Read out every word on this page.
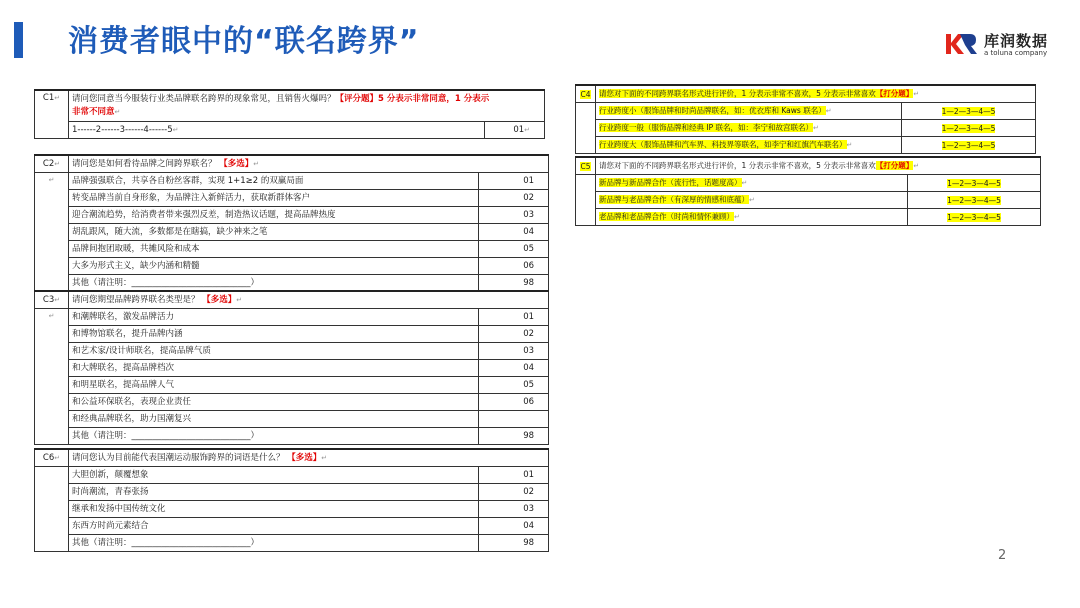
消费者眼中的“联名跨界”	库润数据
a toluna company
C1↵	请问您同意当今服装行业类品牌联名跨界的现象常见，且销售火爆吗？【评分题】5 分表示非常同意，1 分表示
非常不同意↵	
	1------2------3------4------5↵	01↵
C2↵	请问您是如何看待品牌之间跨界联名？ 【多选】↵	
↵	品牌强强联合，共享各自粉丝客群，实现 1+1≥2 的双赢局面	01
	转变品牌当前自身形象，为品牌注入新鲜活力，获取新群体客户	02
	迎合潮流趋势，给消费者带来强烈反差，制造热议话题，提高品牌热度	03
	胡乱跟风，随大流，多数都是在瞎搞，缺少神来之笔	04
	品牌间抱团取暖，共摊风险和成本	05
	大多为形式主义，缺少内涵和精髓	06
	其他（请注明：____________________________）	98
C3↵	请问您期望品牌跨界联名类型是？ 【多选】↵	
↵	和潮牌联名，激发品牌活力	01
	和博物馆联名，提升品牌内涵	02
	和艺术家/设计师联名，提高品牌气质	03
	和大牌联名，提高品牌档次	04
	和明星联名，提高品牌人气	05
	和公益环保联名，表现企业责任	06
	和经典品牌联名，助力国潮复兴	
	其他（请注明：____________________________）	98
C6↵	请问您认为目前能代表国潮运动服饰跨界的词语是什么？ 【多选】↵	
	大胆创新，颠覆想象	01
	时尚潮流，青春张扬	02
	继承和发扬中国传统文化	03
	东西方时尚元素结合	04
	其他（请注明：____________________________）	98
C4	请您对下面的不同跨界联名形式进行评价，1 分表示非常不喜欢，5 分表示非常喜欢【打分题】↵	
	行业跨度小（服饰品牌和时尚品牌联名，如：优衣库和 Kaws 联名）↵	1—2—3—4—5
	行业跨度一般（服饰品牌和经典 IP 联名，如：李宁和故宫联名）↵	1—2—3—4—5
	行业跨度大（服饰品牌和汽车界、科技界等联名，如李宁和红旗汽车联名）↵	1—2—3—4—5
C5	请您对下面的不同跨界联名形式进行评价，1 分表示非常不喜欢，5 分表示非常喜欢【打分题】↵	
	新品牌与新品牌合作（流行性，话题度高）↵	1—2—3—4—5
	新品牌与老品牌合作（有深厚的情感和底蕴）↵	1—2—3—4—5
	老品牌和老品牌合作（时尚和情怀兼顾）↵	1—2—3—4—5
2
